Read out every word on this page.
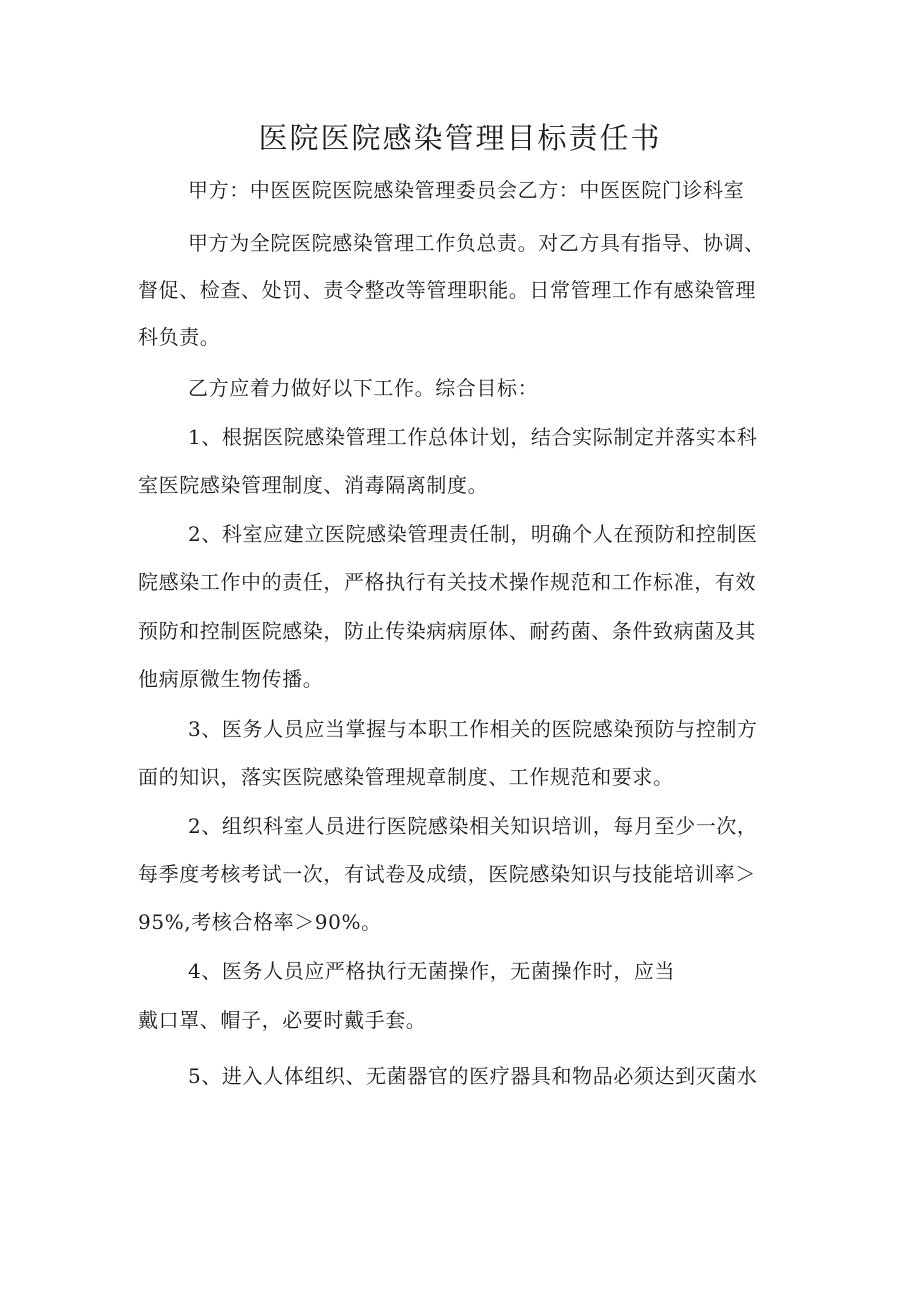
医院医院感染管理目标责任书
甲方：中医医院医院感染管理委员会乙方：中医医院门诊科室
甲方为全院医院感染管理工作负总责。对乙方具有指导、协调、
督促、检查、处罚、责令整改等管理职能。日常管理工作有感染管理
科负责。
乙方应着力做好以下工作。综合目标：
1、根据医院感染管理工作总体计划，结合实际制定并落实本科
室医院感染管理制度、消毒隔离制度。
2、科室应建立医院感染管理责任制，明确个人在预防和控制医
院感染工作中的责任，严格执行有关技术操作规范和工作标准，有效
预防和控制医院感染，防止传染病病原体、耐药菌、条件致病菌及其
他病原微生物传播。
3、医务人员应当掌握与本职工作相关的医院感染预防与控制方
面的知识，落实医院感染管理规章制度、工作规范和要求。
2、组织科室人员进行医院感染相关知识培训，每月至少一次，
每季度考核考试一次，有试卷及成绩，医院感染知识与技能培训率＞
95%,考核合格率＞90%。
4、医务人员应严格执行无菌操作，无菌操作时，应当
戴口罩、帽子，必要时戴手套。
5、进入人体组织、无菌器官的医疗器具和物品必须达到灭菌水
